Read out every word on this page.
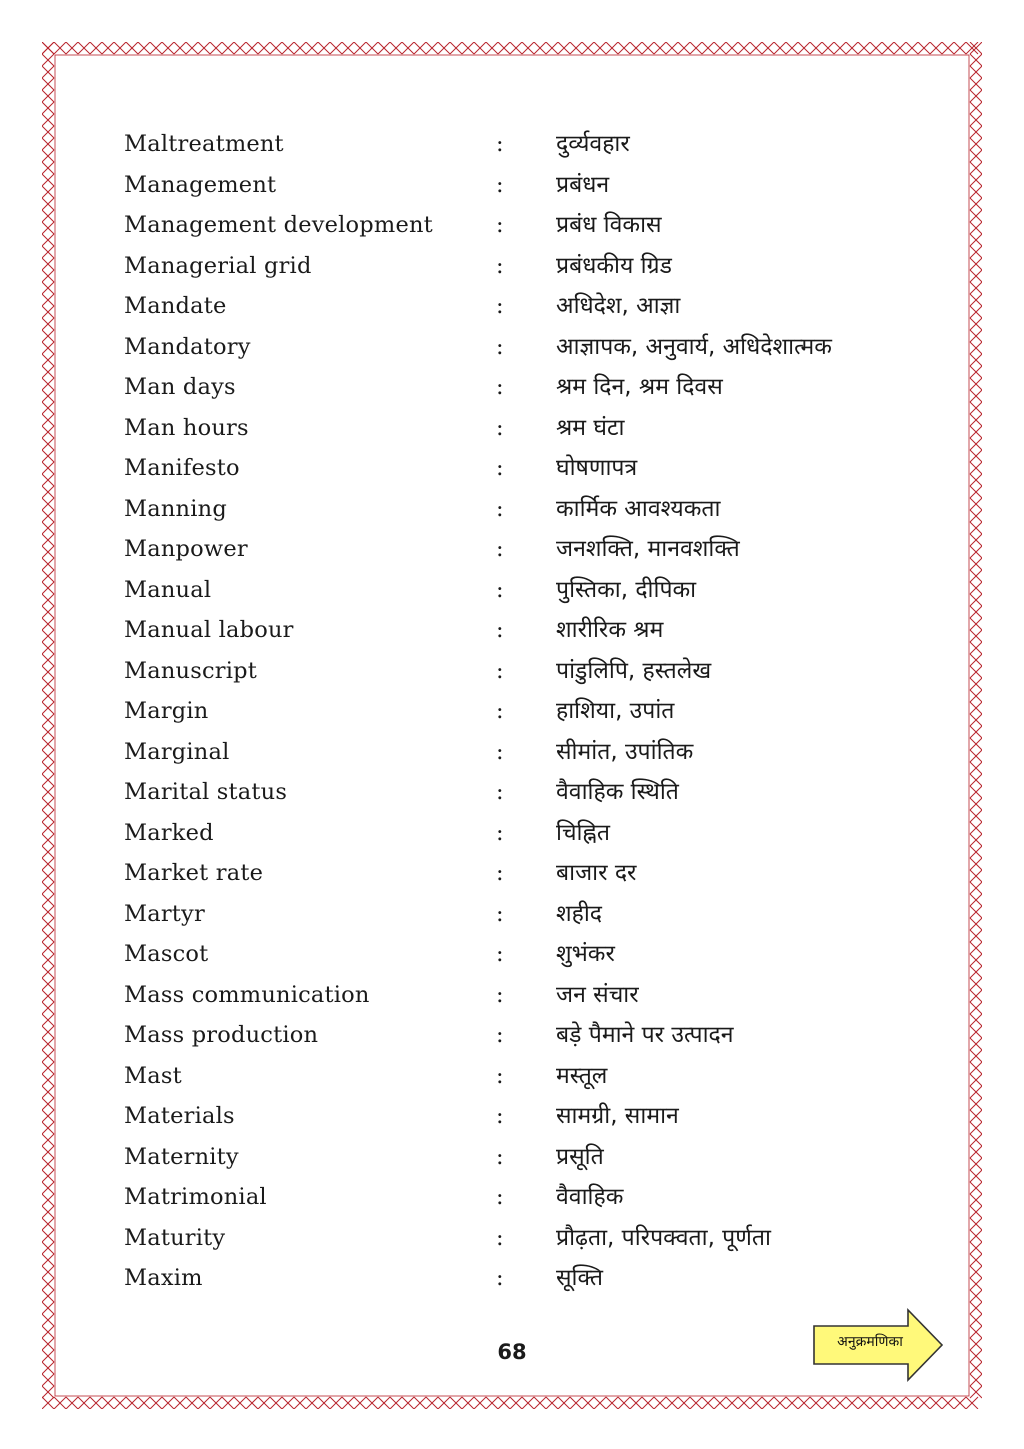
Maltreatment	: दुर्व्यवहार
Management	: प्रबंधन
Management development	: प्रबंध विकास
Managerial grid	: प्रबंधकीय ग्रिड
Mandate	: अधिदेश, आज्ञा
Mandatory	: आज्ञापक, अनुवार्य, अधिदेशात्मक
Man days	: श्रम दिन, श्रम दिवस
Man hours	: श्रम घंटा
Manifesto	: घोषणापत्र
Manning	: कार्मिक आवश्यकता
Manpower	: जनशक्ति, मानवशक्ति
Manual	: पुस्तिका, दीपिका
Manual labour	: शारीरिक श्रम
Manuscript	: पांडुलिपि, हस्तलेख
Margin	: हाशिया, उपांत
Marginal	: सीमांत, उपांतिक
Marital status	: वैवाहिक स्थिति
Marked	: चिह्नित
Market rate	: बाजार दर
Martyr	: शहीद
Mascot	: शुभंकर
Mass communication	: जन संचार
Mass production	: बड़े पैमाने पर उत्पादन
Mast	: मस्तूल
Materials	: सामग्री, सामान
Maternity	: प्रसूति
Matrimonial	: वैवाहिक
Maturity	: प्रौढ़ता, परिपक्वता, पूर्णता
Maxim	: सूक्ति
68	अनुक्रमणिका
